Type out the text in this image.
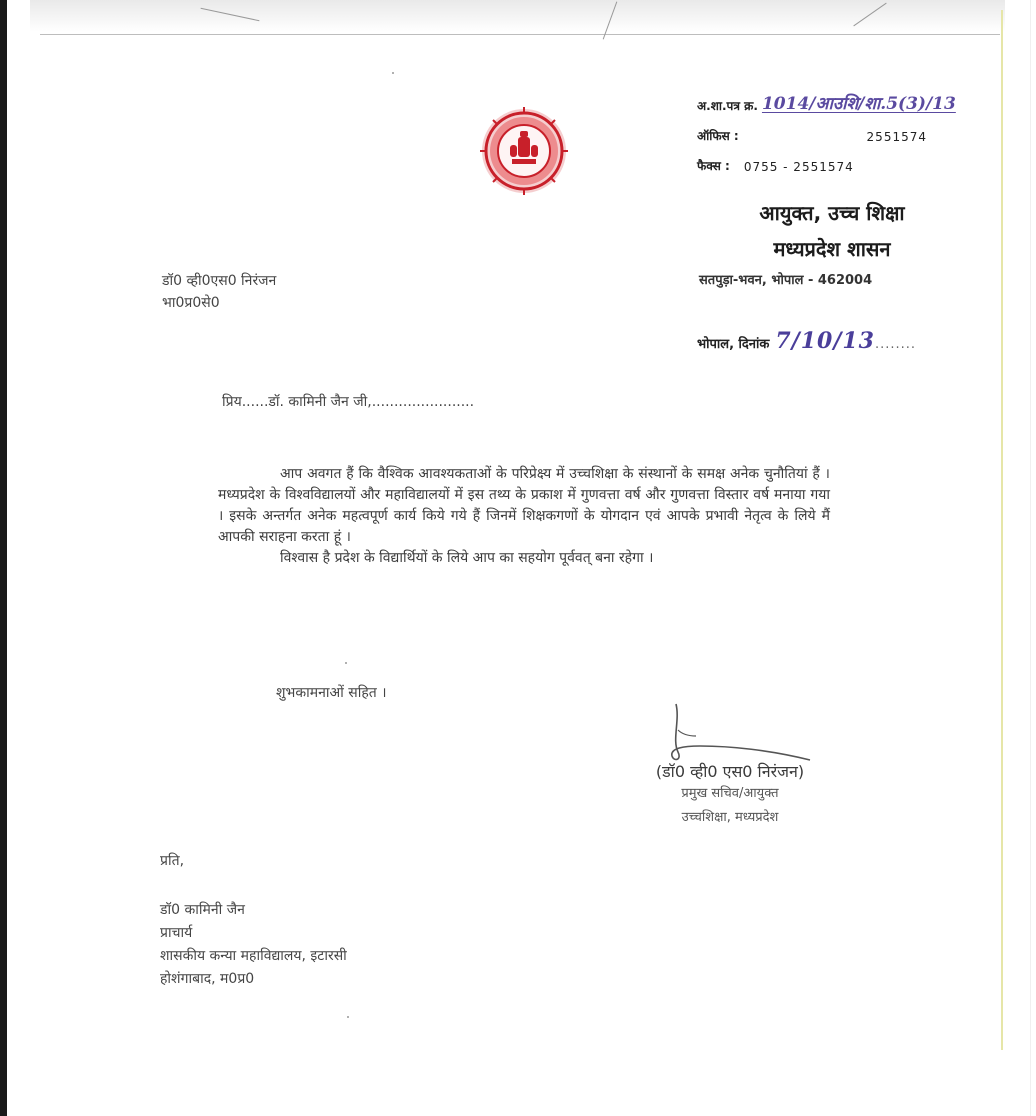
अ.शा.पत्र क्र. 1014/आउशि/शा.5(3)/13
ऑफिस :	2551574
फैक्स : 0755 - 2551574
आयुक्त, उच्च शिक्षा
मध्यप्रदेश शासन
सतपुड़ा-भवन, भोपाल - 462004
भोपाल, दिनांक 7/10/13 ........
डॉ0 व्ही0एस0 निरंजन
भा0प्र0से0
प्रिय......डॉ. कामिनी जैन जी,.......................

आप अवगत हैं कि वैश्विक आवश्यकताओं के परिप्रेक्ष्य में उच्चशिक्षा के संस्थानों के समक्ष अनेक चुनौतियां हैं । मध्यप्रदेश के विश्वविद्यालयों और महाविद्यालयों में इस तथ्य के प्रकाश में गुणवत्ता वर्ष और गुणवत्ता विस्तार वर्ष मनाया गया । इसके अन्तर्गत अनेक महत्वपूर्ण कार्य किये गये हैं जिनमें शिक्षकगणों के योगदान एवं आपके प्रभावी नेतृत्व के लिये मैं आपकी सराहना करता हूं ।

विश्वास है प्रदेश के विद्यार्थियों के लिये आप का सहयोग पूर्ववत् बना रहेगा ।

शुभकामनाओं सहित ।
(डॉ0 व्ही0 एस0 निरंजन)
प्रमुख सचिव/आयुक्त
उच्चशिक्षा, मध्यप्रदेश
प्रति,
डॉ0 कामिनी जैन
प्राचार्य
शासकीय कन्या महाविद्यालय, इटारसी
होशंगाबाद, म0प्र0
